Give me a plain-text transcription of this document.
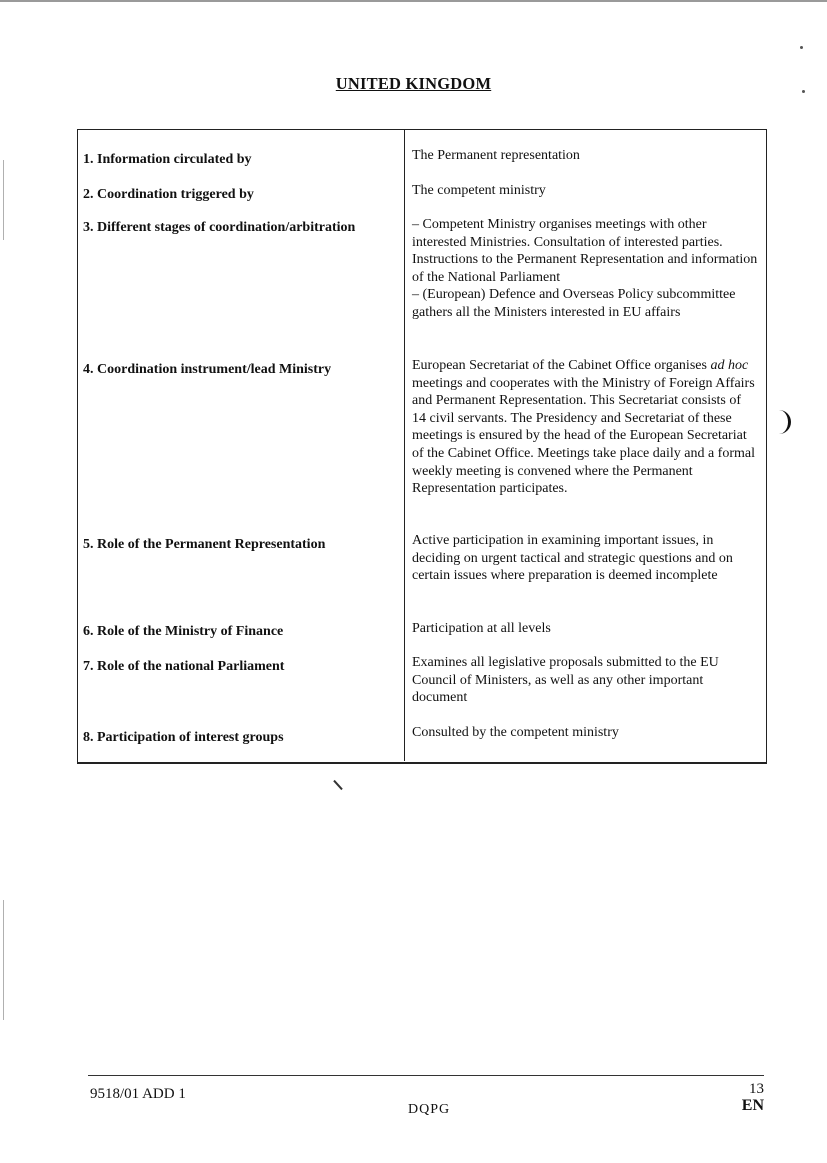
UNITED KINGDOM
1. Information circulated by	The Permanent representation

2. Coordination triggered by	The competent ministry

3. Different stages of coordination/arbitration	– Competent Ministry organises meetings with other interested Ministries. Consultation of interested parties. Instructions to the Permanent Representation and information of the National Parliament

– (European) Defence and Overseas Policy subcommittee gathers all the Ministers interested in EU affairs

4. Coordination instrument/lead Ministry	European Secretariat of the Cabinet Office organises ad hoc meetings and cooperates with the Ministry of Foreign Affairs and Permanent Representation. This Secretariat consists of 14 civil servants. The Presidency and Secretariat of these meetings is ensured by the head of the European Secretariat of the Cabinet Office. Meetings take place daily and a formal weekly meeting is convened where the Permanent Representation participates.

5. Role of the Permanent Representation	Active participation in examining important issues, in deciding on urgent tactical and strategic questions and on certain issues where preparation is deemed incomplete

6. Role of the Ministry of Finance	Participation at all levels

7. Role of the national Parliament	Examines all legislative proposals submitted to the EU Council of Ministers, as well as any other important document

8. Participation of interest groups	Consulted by the competent ministry

9518/01 ADD 1
DQPG
13
EN
